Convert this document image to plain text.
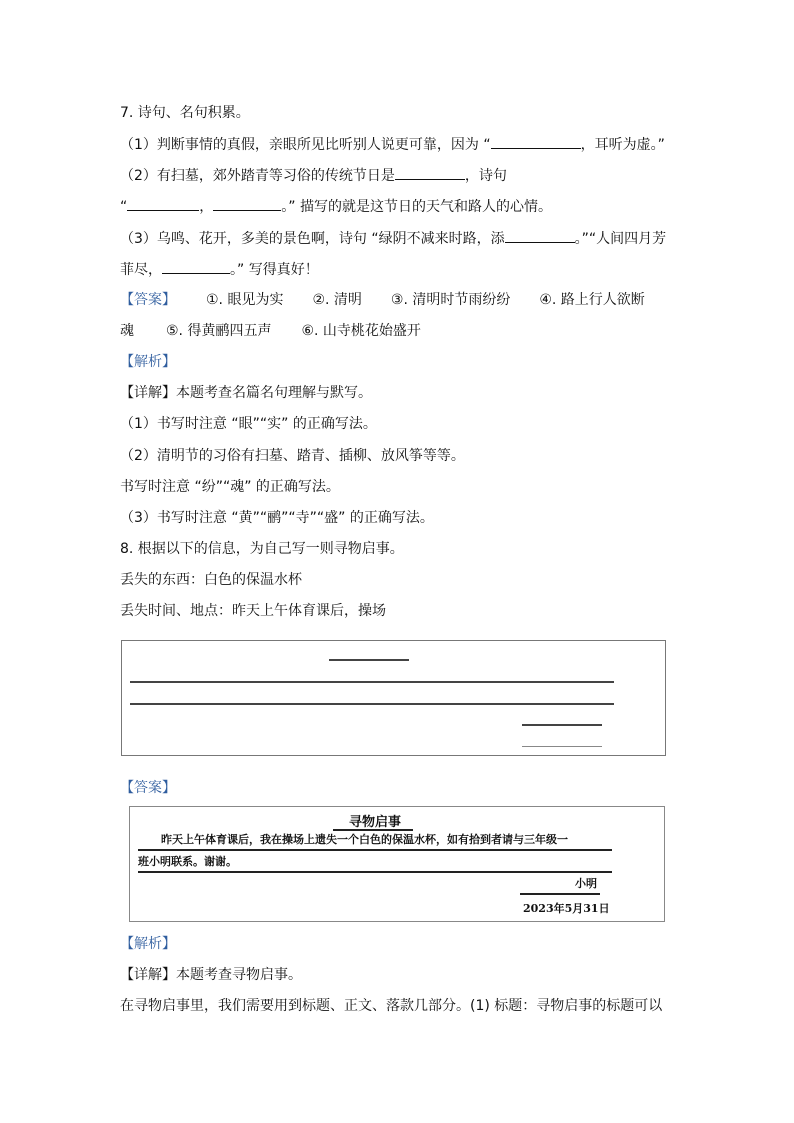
7. 诗句、名句积累。
（1）判断事情的真假，亲眼所见比听别人说更可靠，因为 “	，耳听为虚。”
（2）有扫墓，郊外踏青等习俗的传统节日是	，诗句
“	，	。” 描写的就是这节日的天气和路人的心情。
（3）乌鸣、花开，多美的景色啊，诗句 “绿阴不减来时路，添	。”“人间四月芳
菲尽，	。” 写得真好！
【答案】 ①. 眼见为实 ②. 清明 ③. 清明时节雨纷纷 ④. 路上行人欲断
魂 ⑤. 得黄鹂四五声 ⑥. 山寺桃花始盛开
【解析】
【详解】本题考查名篇名句理解与默写。
（1）书写时注意 “眼”“实” 的正确写法。
（2）清明节的习俗有扫墓、踏青、插柳、放风筝等等。
书写时注意 “纷”“魂” 的正确写法。
（3）书写时注意 “黄”“鹂”“寺”“盛” 的正确写法。
8. 根据以下的信息，为自己写一则寻物启事。
丢失的东西：白色的保温水杯
丢失时间、地点：昨天上午体育课后，操场
【答案】
寻物启事
昨天上午体育课后，我在操场上遗失一个白色的保温水杯，如有拾到者请与三年级一
班小明联系。谢谢。
小明
2023年5月31日
【解析】
【详解】本题考查寻物启事。
在寻物启事里，我们需要用到标题、正文、落款几部分。(1) 标题：寻物启事的标题可以
